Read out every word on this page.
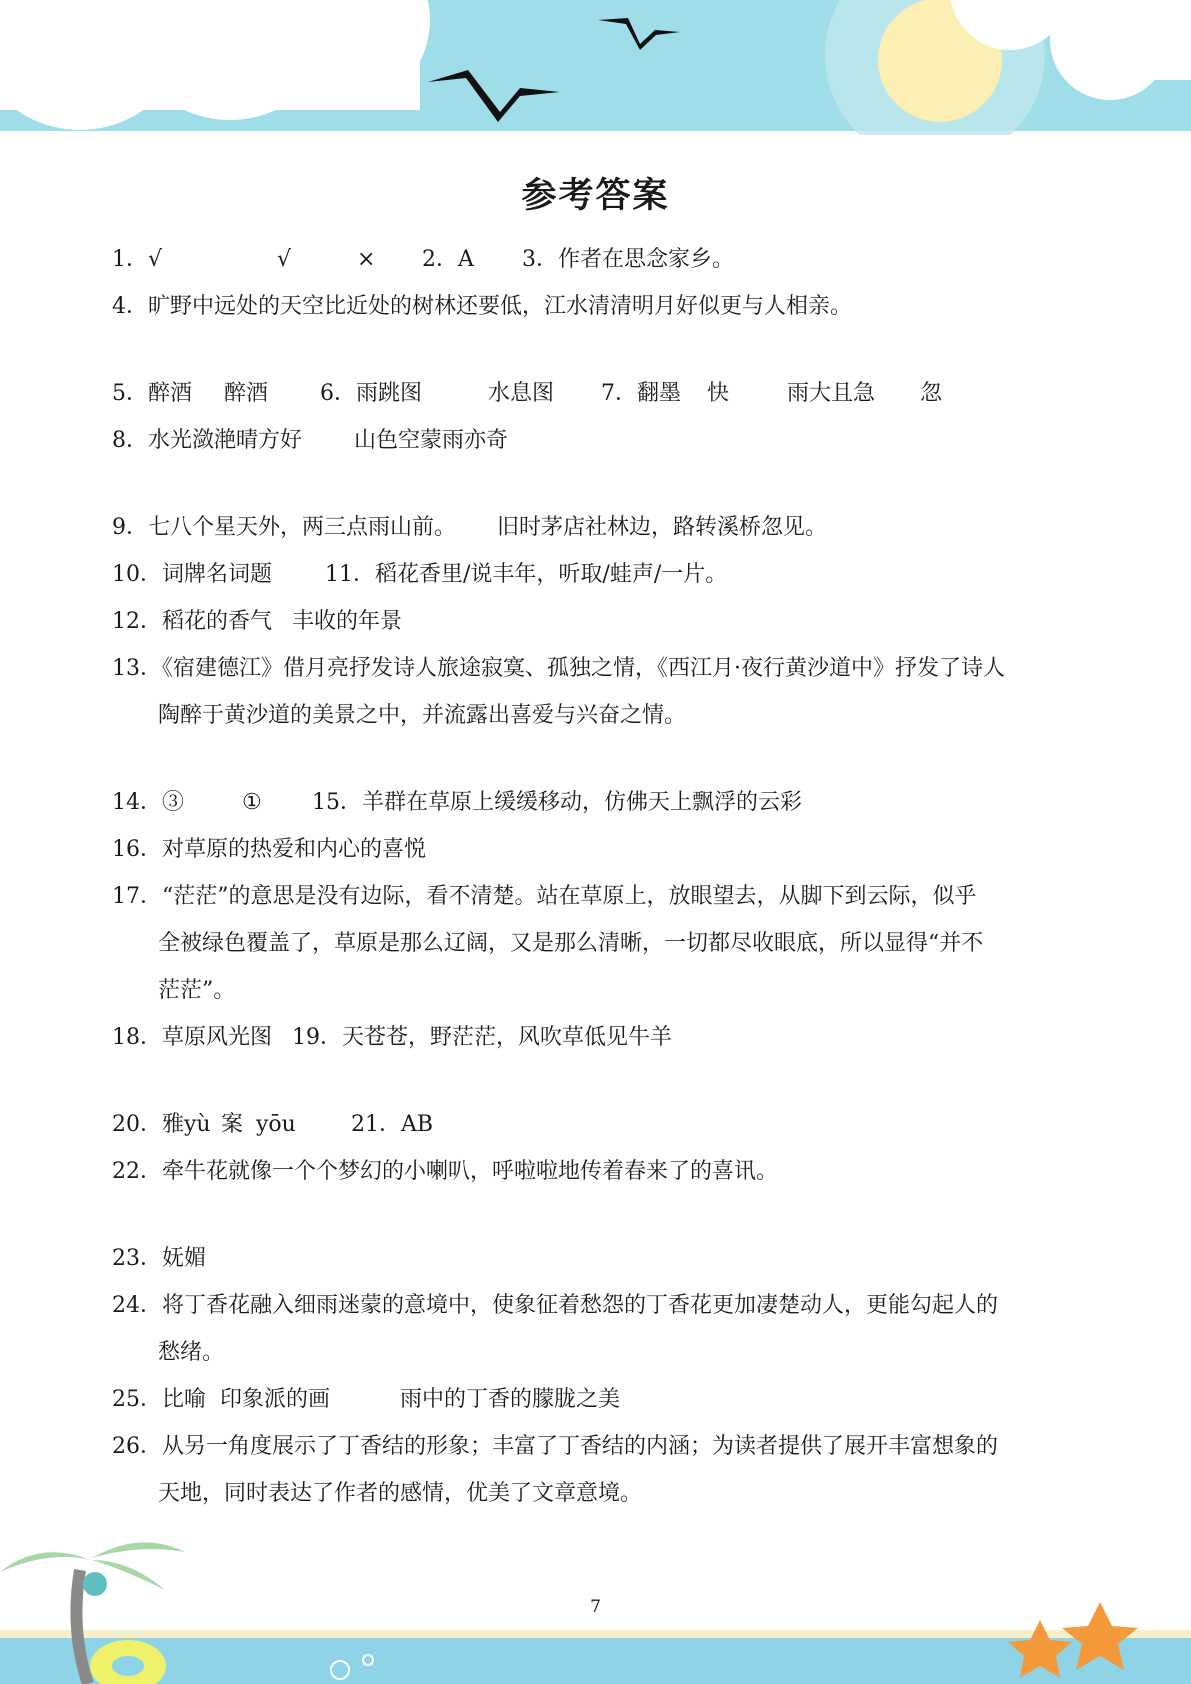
参考答案
1．√	√	× 2．A 3．作者在思念家乡。
4．旷野中远处的天空比近处的树林还要低，江水清清明月好似更与人相亲。
5．醉酒 醉酒 6．雨跳图	水息图 7．翻墨 快	雨大且急 忽
8．水光潋滟晴方好 山色空蒙雨亦奇
9．七八个星天外，两三点雨山前。 旧时茅店社林边，路转溪桥忽见。
10．词牌名词题 11．稻花香里/说丰年，听取/蛙声/一片。
12．稻花的香气 丰收的年景
13．《宿建德江》借月亮抒发诗人旅途寂寞、孤独之情，《西江月·夜行黄沙道中》抒发了诗人
陶醉于黄沙道的美景之中，并流露出喜爱与兴奋之情。
14．③	① 15．羊群在草原上缓缓移动，仿佛天上飘浮的云彩
16．对草原的热爱和内心的喜悦
17．“茫茫”的意思是没有边际，看不清楚。站在草原上，放眼望去，从脚下到云际，似乎
全被绿色覆盖了，草原是那么辽阔，又是那么清晰，一切都尽收眼底，所以显得“并不
茫茫”。
18．草原风光图 19．天苍苍，野茫茫，风吹草低见牛羊
20．雅yù 案 yōu	21．AB
22．牵牛花就像一个个梦幻的小喇叭，呼啦啦地传着春来了的喜讯。
23．妩媚
24．将丁香花融入细雨迷蒙的意境中，使象征着愁怨的丁香花更加凄楚动人，更能勾起人的
愁绪。
25．比喻 印象派的画	雨中的丁香的朦胧之美
26．从另一角度展示了丁香结的形象；丰富了丁香结的内涵；为读者提供了展开丰富想象的
天地，同时表达了作者的感情，优美了文章意境。
7
